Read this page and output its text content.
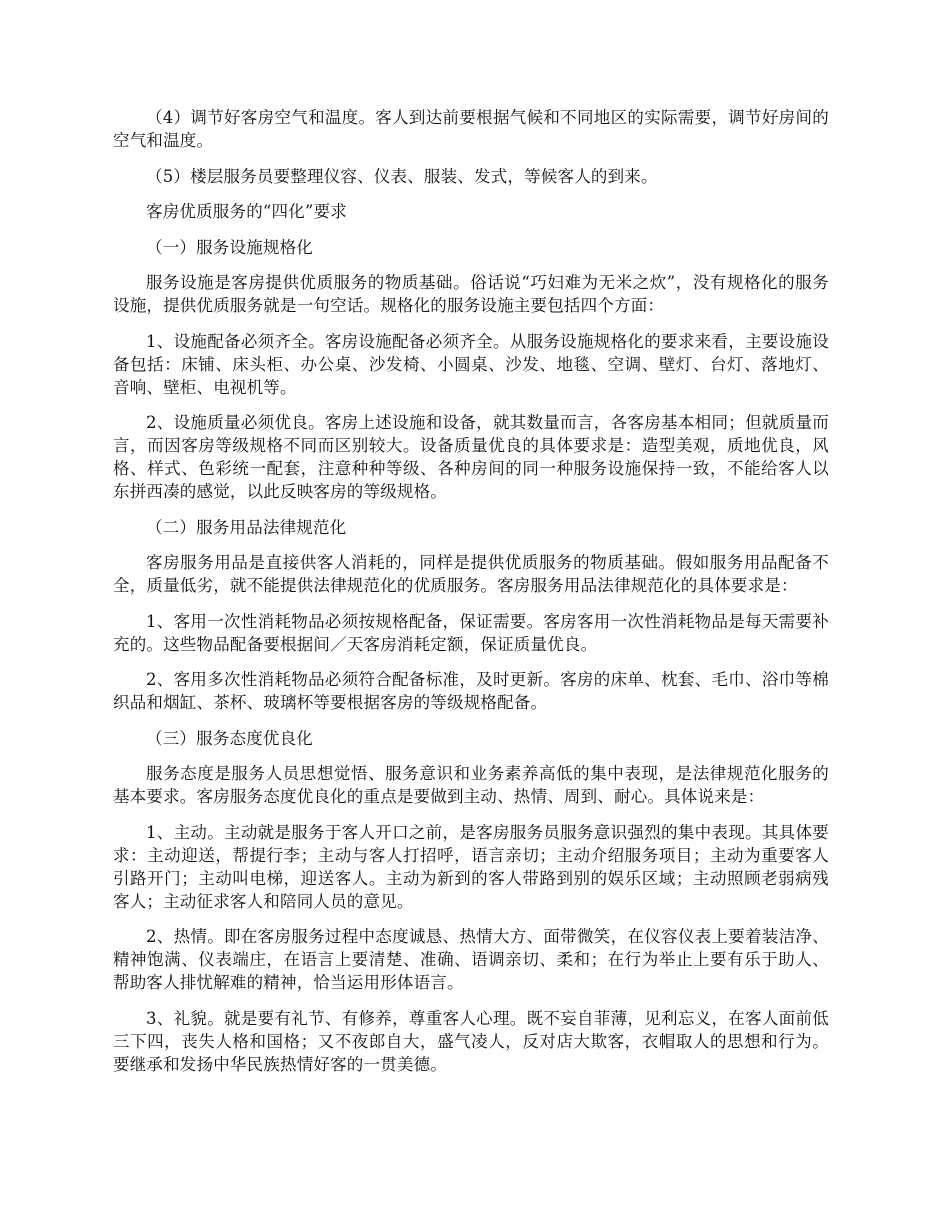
（4）调节好客房空气和温度。客人到达前要根据气候和不同地区的实际需要，调节好房间的空气和温度。

（5）楼层服务员要整理仪容、仪表、服装、发式，等候客人的到来。

客房优质服务的“四化”要求

（一）服务设施规格化

服务设施是客房提供优质服务的物质基础。俗话说“巧妇难为无米之炊”，没有规格化的服务设施，提供优质服务就是一句空话。规格化的服务设施主要包括四个方面：

1、设施配备必须齐全。客房设施配备必须齐全。从服务设施规格化的要求来看，主要设施设备包括：床铺、床头柜、办公桌、沙发椅、小圆桌、沙发、地毯、空调、壁灯、台灯、落地灯、音响、壁柜、电视机等。

2、设施质量必须优良。客房上述设施和设备，就其数量而言，各客房基本相同；但就质量而言，而因客房等级规格不同而区别较大。设备质量优良的具体要求是：造型美观，质地优良，风格、样式、色彩统一配套，注意种种等级、各种房间的同一种服务设施保持一致，不能给客人以东拼西凑的感觉，以此反映客房的等级规格。

（二）服务用品法律规范化

客房服务用品是直接供客人消耗的，同样是提供优质服务的物质基础。假如服务用品配备不全，质量低劣，就不能提供法律规范化的优质服务。客房服务用品法律规范化的具体要求是：

1、客用一次性消耗物品必须按规格配备，保证需要。客房客用一次性消耗物品是每天需要补充的。这些物品配备要根据间／天客房消耗定额，保证质量优良。

2、客用多次性消耗物品必须符合配备标准，及时更新。客房的床单、枕套、毛巾、浴巾等棉织品和烟缸、茶杯、玻璃杯等要根据客房的等级规格配备。

（三）服务态度优良化

服务态度是服务人员思想觉悟、服务意识和业务素养高低的集中表现，是法律规范化服务的基本要求。客房服务态度优良化的重点是要做到主动、热情、周到、耐心。具体说来是：

1、主动。主动就是服务于客人开口之前，是客房服务员服务意识强烈的集中表现。其具体要求：主动迎送，帮提行李；主动与客人打招呼，语言亲切；主动介绍服务项目；主动为重要客人引路开门；主动叫电梯，迎送客人。主动为新到的客人带路到别的娱乐区域；主动照顾老弱病残客人；主动征求客人和陪同人员的意见。

2、热情。即在客房服务过程中态度诚恳、热情大方、面带微笑，在仪容仪表上要着装洁净、精神饱满、仪表端庄，在语言上要清楚、准确、语调亲切、柔和；在行为举止上要有乐于助人、帮助客人排忧解难的精神，恰当运用形体语言。

3、礼貌。就是要有礼节、有修养，尊重客人心理。既不妄自菲薄，见利忘义，在客人面前低三下四，丧失人格和国格；又不夜郎自大，盛气凌人，反对店大欺客，衣帽取人的思想和行为。要继承和发扬中华民族热情好客的一贯美德。
